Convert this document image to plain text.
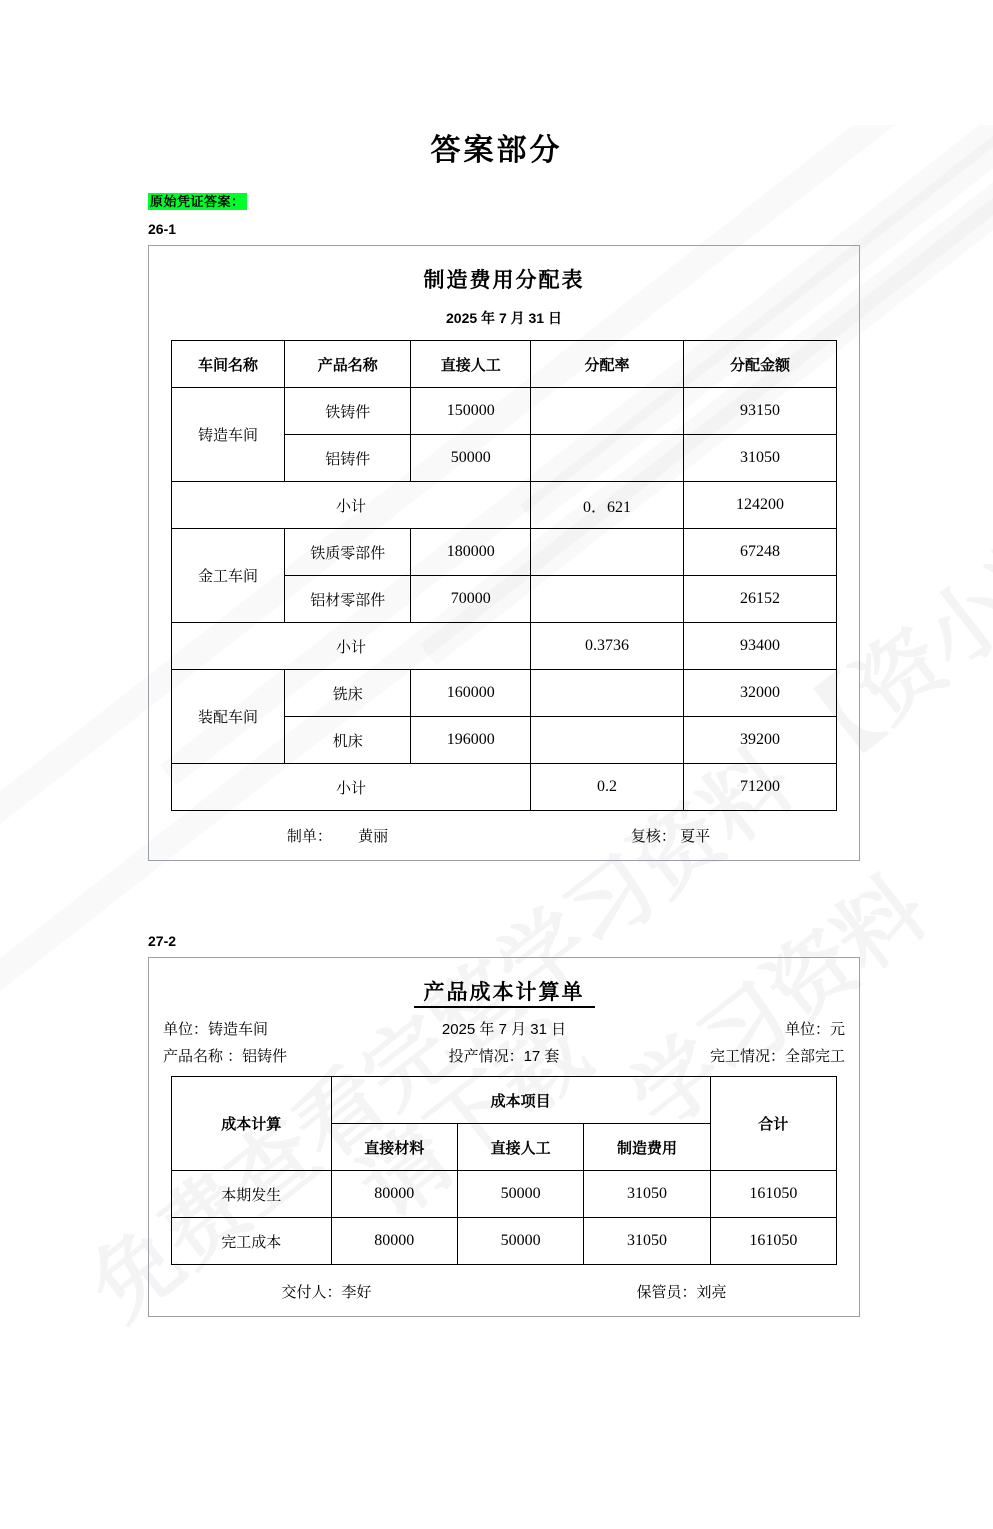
答案部分
原始凭证答案：
26-1
制造费用分配表
2025 年 7 月 31 日
车间名称	产品名称	直接人工	分配率	分配金额
铸造车间	铁铸件	150000		93150
	铝铸件	50000		31050
小计			0．621	124200
金工车间	铁质零部件	180000		67248
	铝材零部件	70000		26152
小计			0.3736	93400
装配车间	铣床	160000		32000
	机床	196000		39200
小计			0.2	71200
制单： 黄丽	复核： 夏平
27-2
产品成本计算单
单位：铸造车间	2025 年 7 月 31 日	单位：元
产品名称 ：铝铸件	投产情况：17 套	完工情况：全部完工
成本计算	成本项目			合计
	直接材料	直接人工	制造费用	
本期发生	80000	50000	31050	161050
完工成本	80000	50000	31050	161050
交付人：李好	保管员：刘亮
